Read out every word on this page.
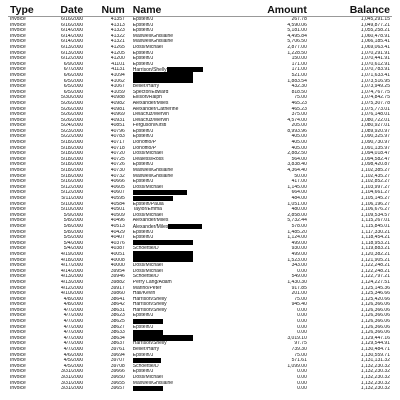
Type	Date	Num Name	Amount	Balance
Invoice	6/16/2000	41357	Epstein/J	267.78	1,045,291.15
Invoice	6/16/2000	41313	Epstein/J	4,590.06	1,049,877.21
Invoice	6/14/2000	41323	Epstein/J	5,181.00	1,055,258.21
Invoice	6/14/2000	41322	Maxwell/Ghislaine	4,495.84	1,060,478.91
Invoice	6/14/2000	41321	Maxwell/Ghislaine	5,706.50	1,066,185.41
Invoice	6/13/2000	41265	Doss/Michael	2,877.00	1,069,063.41
Invoice	6/13/2000	41205	Epstein/J	1,228.50	1,070,291.91
Invoice	6/12/2000	41200	Epstein/J	150.00	1,070,441.91
Invoice	6/9/2000	41101	Epstein/J	171.00	1,070,612.91
Invoice	6/7/2000	41131	Harrison/Shelly	171.00	1,070,783.91
Invoice	6/6/2000	41094	521.00	1,071,633.41
Invoice	6/5/2000	41062	1,883.54	1,073,516.95
Invoice	6/5/2000	41067	Beller/Harry	432.30	1,073,949.25
Invoice	6/5/2000	41059	Spector/Edward	818.50	1,074,767.75
Invoice	5/30/2000	40988	Ellison/Ralph	75.00	1,074,842.75
Invoice	5/26/2000	40982	Alexander/Miles	465.23	1,075,307.78
Invoice	5/26/2000	40981	Alexander/Catherine	465.23	1,075,773.01
Invoice	5/26/2000	40969	Delacruz/Mervin	375.00	1,076,148.01
Invoice	5/26/2000	40931	Delacruz/Mervin	4,574.00	1,080,722.01
Invoice	5/24/2000	40851	Ferguson/Kirsti	205.00	1,080,927.01
Invoice	5/23/2000	40796	Epstein/J	8,993.96	1,089,920.97
Invoice	5/22/2000	40783	Epstein/J	405.00	1,090,325.97
Invoice	5/18/2000	40717	Donoffio/P	405.00	1,090,730.97
Invoice	5/18/2000	40718	Donoffio/P	405.00	1,091,135.97
Invoice	5/18/2000	40720	Doss/Michael	2,882.50	1,094,018.47
Invoice	5/18/2000	40725	Dealess/Ross	564.00	1,094,582.47
Invoice	5/18/2000	40726	Epstein/J	3,838.40	1,098,420.87
Invoice	5/18/2000	40730	Maxwell/Ghislaine	4,364.40	1,102,385.27
Invoice	5/18/2000	40732	Maxwell/Ghislaine	50.00	1,102,435.27
Invoice	5/16/2000	40666	Epstein/J	417.00	1,102,852.27
Invoice	5/12/2000	40605	Doss/Michael	1,145.00	1,103,997.27
Invoice	5/12/2000	40607	664.00	1,104,661.27
Invoice	5/11/2000	40595	484.00	1,105,145.27
Invoice	5/10/2000	40584	Epstein/Paula	1,051.00	1,106,196.27
Invoice	5/10/2000	40501	Taylor/Emma	480.00	1,106,676.27
Invoice	5/9/2000	40509	Doss/Michael	2,858.00	1,109,534.57
Invoice	5/8/2000	40496	Alexander/Miles	5,732.44	1,115,267.01
Invoice	5/8/2000	40513	Alexander/Miles	578.00	1,115,845.01
Invoice	5/8/2000	40429	Epstein/J	1,485.20	1,117,330.21
Invoice	5/5/2000	40407	Epstein/J	1,124.00	1,118,454.21
Invoice	5/4/2000	40376	499.00	1,118,953.21
Invoice	5/4/2000	40387	Schoettle/D	930.00	1,119,883.21
Invoice	4/19/2000	40051	499.00	1,120,382.21
Invoice	4/18/2000	40008	1,523.00	1,121,905.21
Invoice	4/17/2000	40000	Doss/Michael	343.00	1,122,248.21
Invoice	4/14/2000	39954	Doss/Michael	0.00	1,122,248.21
Invoice	4/13/2000	39946	Schoettle/D	549.00	1,122,797.21
Invoice	4/13/2000	39882	Perry Lang/Adam	1,430.30	1,124,227.51
Invoice	4/12/2000	39917	Marino/Peter	917.85	1,125,145.36
Invoice	4/10/2000	39860	Hall/Kevin	201.00	1,125,346.66
Invoice	4/8/2000	38641	Harrison/Shelly	75.00	1,125,420.66
Invoice	4/8/2000	38642	Harrison/Shelly	945.40	1,126,366.06
Invoice	4/7/2000	38631	Harrison/Shelly	0.00	1,126,366.06
Invoice	4/7/2000	38623	Epstein/J	0.00	1,126,366.06
Invoice	4/7/2000	38625	0.00	1,126,366.06
Invoice	4/7/2000	38627	Epstein/J	0.00	1,126,366.06
Invoice	4/7/2000	38633	0.00	1,126,366.06
Invoice	4/7/2000	38634	3,019.10	1,129,447.16
Invoice	4/7/2000	38637	Harrison/Shelly	97.75	1,129,544.91
Invoice	4/7/2000	39761	Beller/Harry	739.30	1,130,484.71
Invoice	4/6/2000	39694	Epstein/J	75.00	1,130,559.71
Invoice	4/5/2000	39707	571.61	1,131,131.32
Invoice	4/5/2000	39708	Schoettle/D	1,099.00	1,132,230.32
Invoice	3/31/2000	39666	Epstein/J	0.00	1,132,230.32
Invoice	3/31/2000	39650	Doss/Michael	0.00	1,132,230.32
Invoice	3/31/2000	39655	Maxwell/Ghislaine	0.00	1,132,230.32
Invoice	3/31/2000	39657	0.00	1,132,230.32
